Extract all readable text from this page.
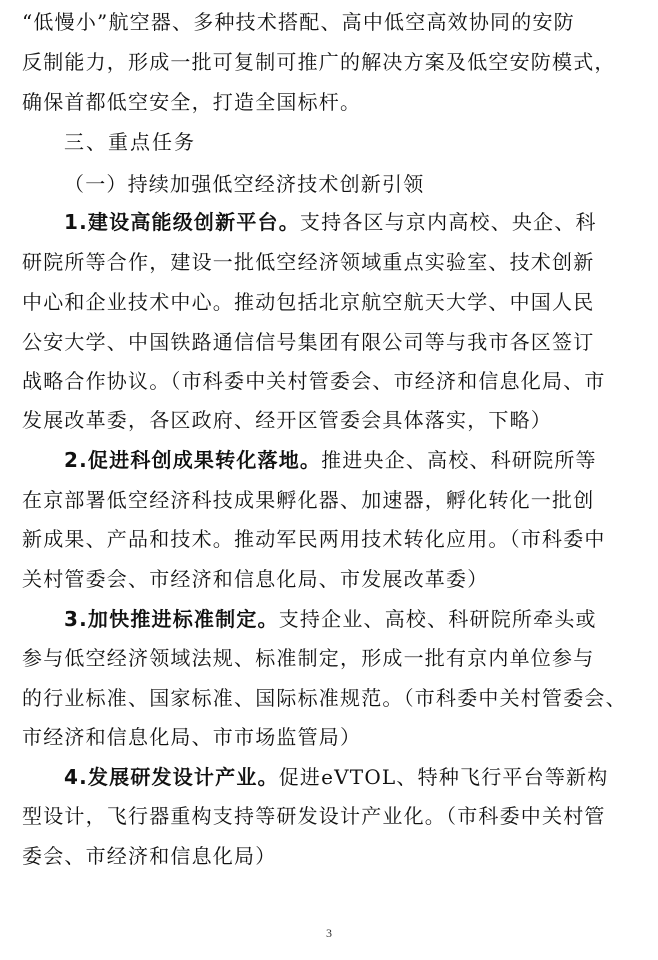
“低慢小”航空器、多种技术搭配、高中低空高效协同的安防
反制能力，形成一批可复制可推广的解决方案及低空安防模式，
确保首都低空安全，打造全国标杆。
三、重点任务
（一）持续加强低空经济技术创新引领
1.建设高能级创新平台。支持各区与京内高校、央企、科
研院所等合作，建设一批低空经济领域重点实验室、技术创新
中心和企业技术中心。推动包括北京航空航天大学、中国人民
公安大学、中国铁路通信信号集团有限公司等与我市各区签订
战略合作协议。（市科委中关村管委会、市经济和信息化局、市
发展改革委，各区政府、经开区管委会具体落实，下略）
2.促进科创成果转化落地。推进央企、高校、科研院所等
在京部署低空经济科技成果孵化器、加速器，孵化转化一批创
新成果、产品和技术。推动军民两用技术转化应用。（市科委中
关村管委会、市经济和信息化局、市发展改革委）
3.加快推进标准制定。支持企业、高校、科研院所牵头或
参与低空经济领域法规、标准制定，形成一批有京内单位参与
的行业标准、国家标准、国际标准规范。（市科委中关村管委会、
市经济和信息化局、市市场监管局）
4.发展研发设计产业。促进eVTOL、特种飞行平台等新构
型设计，飞行器重构支持等研发设计产业化。（市科委中关村管
委会、市经济和信息化局）
3
